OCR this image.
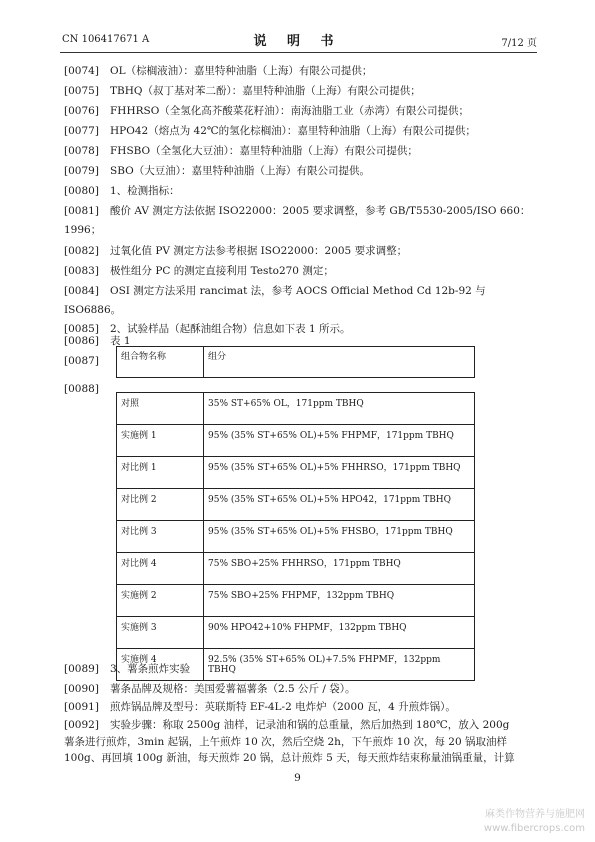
CN 106417671 A	说 明 书	7/12 页
[0074] OL（棕榈液油）：嘉里特种油脂（上海）有限公司提供；
[0075] TBHQ（叔丁基对苯二酚）：嘉里特种油脂（上海）有限公司提供；
[0076] FHHRSO（全氢化高芥酸菜花籽油）：南海油脂工业（赤湾）有限公司提供；
[0077] HPO42（熔点为 42℃的氢化棕榈油）：嘉里特种油脂（上海）有限公司提供；
[0078] FHSBO（全氢化大豆油）：嘉里特种油脂（上海）有限公司提供；
[0079] SBO（大豆油）：嘉里特种油脂（上海）有限公司提供。
[0080] 1、检测指标：
[0081] 酸价 AV 测定方法依据 ISO22000：2005 要求调整，参考 GB/T5530-2005/ISO 660：
1996；
[0082] 过氧化值 PV 测定方法参考根据 ISO22000：2005 要求调整；
[0083] 极性组分 PC 的测定直接利用 Testo270 测定；
[0084] OSI 测定方法采用 rancimat 法，参考 AOCS Official Method Cd 12b-92 与
ISO6886。
[0085] 2、试验样品（起酥油组合物）信息如下表 1 所示。
[0086] 表 1
[0087]	组合物名称	组分
[0088]
对照	35% ST+65% OL，171ppm TBHQ
实施例 1	95% (35% ST+65% OL)+5% FHPMF，171ppm TBHQ
对比例 1	95% (35% ST+65% OL)+5% FHHRSO，171ppm TBHQ
对比例 2	95% (35% ST+65% OL)+5% HPO42，171ppm TBHQ
对比例 3	95% (35% ST+65% OL)+5% FHSBO，171ppm TBHQ
对比例 4	75% SBO+25% FHHRSO，171ppm TBHQ
实施例 2	75% SBO+25% FHPMF，132ppm TBHQ
实施例 3	90% HPO42+10% FHPMF，132ppm TBHQ
实施例 4	92.5% (35% ST+65% OL)+7.5% FHPMF，132ppm TBHQ
[0089] 3、薯条煎炸实验
[0090] 薯条品牌及规格：美国爱薯福薯条（2.5 公斤 / 袋）。
[0091] 煎炸锅品牌及型号：英联斯特 EF-4L-2 电炸炉（2000 瓦，4 升煎炸锅）。
[0092] 实验步骤：称取 2500g 油样，记录油和锅的总重量，然后加热到 180℃，放入 200g
薯条进行煎炸，3min 起锅，上午煎炸 10 次，然后空烧 2h，下午煎炸 10 次，每 20 锅取油样
100g、再回填 100g 新油，每天煎炸 20 锅，总计煎炸 5 天，每天煎炸结束称量油锅重量，计算
9
麻类作物营养与施肥网
www.fibercrops.com
